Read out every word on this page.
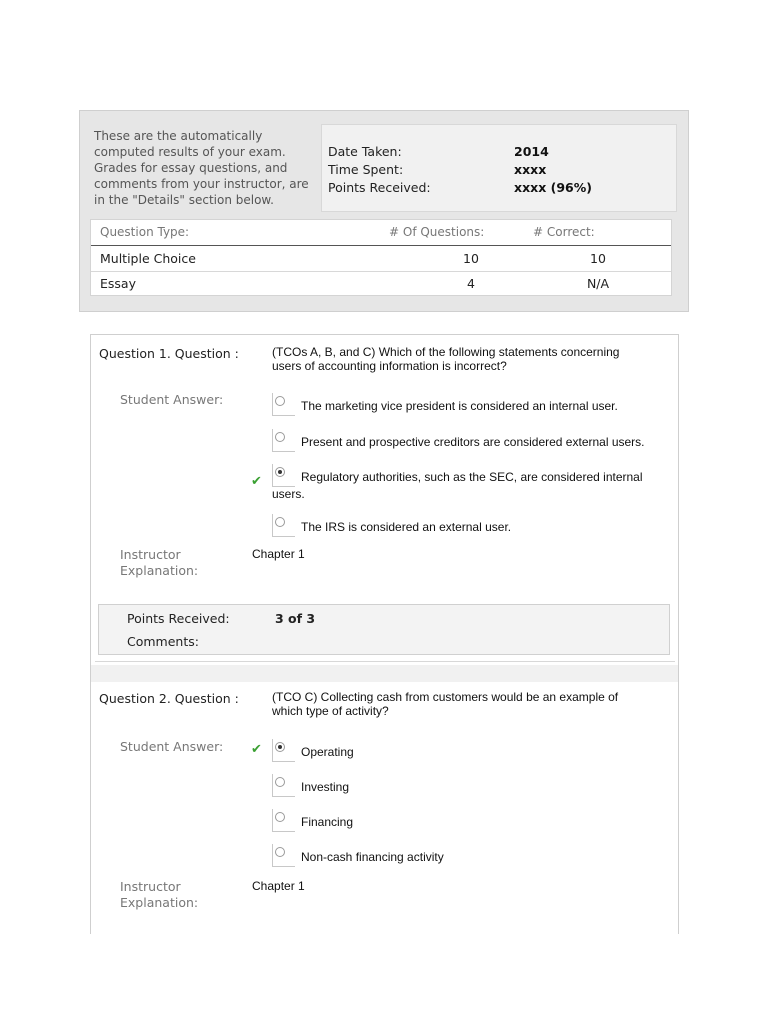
These are the automatically computed results of your exam. Grades for essay questions, and comments from your instructor, are in the "Details" section below.
Date Taken:	2014
Time Spent:	xxxx
Points Received:	xxxx (96%)
Question Type:	# Of Questions:	# Correct:
Multiple Choice	10	10
Essay	4	N/A
Question 1. Question :	(TCOs A, B, and C) Which of the following statements concerning users of accounting information is incorrect?
Student Answer:	The marketing vice president is considered an internal user.
Present and prospective creditors are considered external users.
✔	Regulatory authorities, such as the SEC, are considered internal users.
The IRS is considered an external user.
Instructor Explanation:
Chapter 1
Points Received:	3 of 3
Comments:
Question 2. Question :	(TCO C) Collecting cash from customers would be an example of which type of activity?
Student Answer: ✔	Operating
Investing
Financing
Non-cash financing activity
Instructor Explanation:
Chapter 1
